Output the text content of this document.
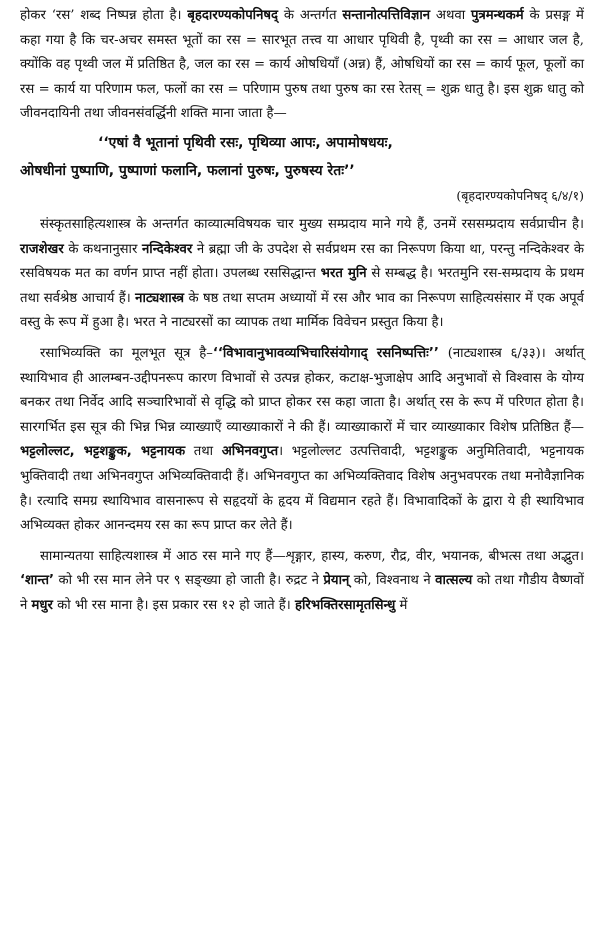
होकर ‘रस’ शब्द निष्पन्न होता है। बृहदारण्यकोपनिषद् के अन्तर्गत सन्तानोत्पत्तिविज्ञान अथवा पुत्रमन्थकर्म के प्रसङ्ग में कहा गया है कि चर-अचर समस्त भूतों का रस = सारभूत तत्त्व या आधार पृथिवी है, पृथ्वी का रस = आधार जल है, क्योंकि वह पृथ्वी जल में प्रतिष्ठित है, जल का रस = कार्य ओषधियाँ (अन्न) हैं, ओषधियों का रस = कार्य फूल, फूलों का रस = कार्य या परिणाम फल, फलों का रस = परिणाम पुरुष तथा पुरुष का रस रेतस् = शुक्र धातु है। इस शुक्र धातु को जीवनदायिनी तथा जीवनसंवर्द्धिनी शक्ति माना जाता है—

‘‘एषां वै भूतानां पृथिवी रसः, पृथिव्या आपः, अपामोषधयः,
ओषधीनां पुष्पाणि, पुष्पाणां फलानि, फलानां पुरुषः, पुरुषस्य रेतः’’

(बृहदारण्यकोपनिषद् ६/४/१)

संस्कृतसाहित्यशास्त्र के अन्तर्गत काव्यात्मविषयक चार मुख्य सम्प्रदाय माने गये हैं, उनमें रससम्प्रदाय सर्वप्राचीन है। राजशेखर के कथनानुसार नन्दिकेश्वर ने ब्रह्मा जी के उपदेश से सर्वप्रथम रस का निरूपण किया था, परन्तु नन्दिकेश्वर के रसविषयक मत का वर्णन प्राप्त नहीं होता। उपलब्ध रससिद्धान्त भरत मुनि से सम्बद्ध है। भरतमुनि रस-सम्प्रदाय के प्रथम तथा सर्वश्रेष्ठ आचार्य हैं। नाट्यशास्त्र के षष्ठ तथा सप्तम अध्यायों में रस और भाव का निरूपण साहित्यसंसार में एक अपूर्व वस्तु के रूप में हुआ है। भरत ने नाट्यरसों का व्यापक तथा मार्मिक विवेचन प्रस्तुत किया है।

रसाभिव्यक्ति का मूलभूत सूत्र है–‘‘विभावानुभावव्यभिचारिसंयोगाद् रसनिष्पत्तिः’’ (नाट्यशास्त्र ६/३३)। अर्थात् स्थायिभाव ही आलम्बन-उद्दीपनरूप कारण विभावों से उत्पन्न होकर, कटाक्ष-भुजाक्षेप आदि अनुभावों से विश्वास के योग्य बनकर तथा निर्वेद आदि सञ्चारिभावों से वृद्धि को प्राप्त होकर रस कहा जाता है। अर्थात् रस के रूप में परिणत होता है। सारगर्भित इस सूत्र की भिन्न भिन्न व्याख्याएँ व्याख्याकारों ने की हैं। व्याख्याकारों में चार व्याख्याकार विशेष प्रतिष्ठित हैं—भट्टलोल्लट, भट्टशङ्कुक, भट्टनायक तथा अभिनवगुप्त। भट्टलोल्लट उत्पत्तिवादी, भट्टशङ्कुक अनुमितिवादी, भट्टनायक भुक्तिवादी तथा अभिनवगुप्त अभिव्यक्तिवादी हैं। अभिनवगुप्त का अभिव्यक्तिवाद विशेष अनुभवपरक तथा मनोवैज्ञानिक है। रत्यादि समग्र स्थायिभाव वासनारूप से सहृदयों के हृदय में विद्यमान रहते हैं। विभावादिकों के द्वारा ये ही स्थायिभाव अभिव्यक्त होकर आनन्दमय रस का रूप प्राप्त कर लेते हैं।

सामान्यतया साहित्यशास्त्र में आठ रस माने गए हैं—शृङ्गार, हास्य, करुण, रौद्र, वीर, भयानक, बीभत्स तथा अद्भुत। ‘शान्त’ को भी रस मान लेने पर ९ सङ्ख्या हो जाती है। रुद्रट ने प्रेयान् को, विश्वनाथ ने वात्सल्य को तथा गौडीय वैष्णवों ने मधुर को भी रस माना है। इस प्रकार रस १२ हो जाते हैं। हरिभक्तिरसामृतसिन्धु में
